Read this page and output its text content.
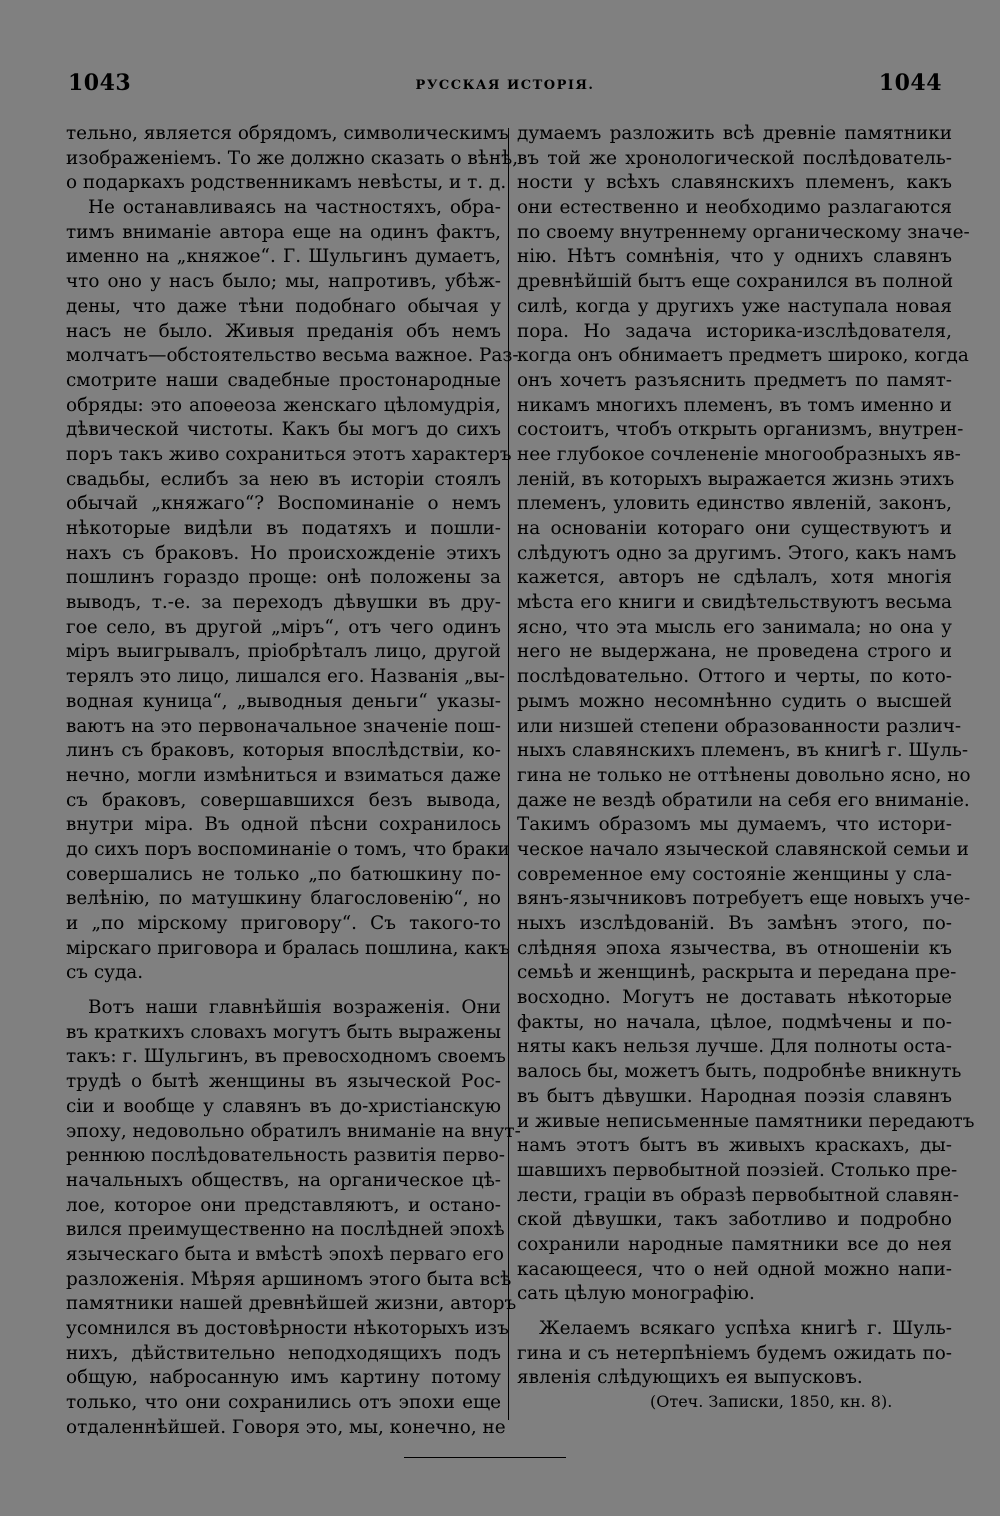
1043	РУССКАЯ ИСТОРІЯ.	1044
тельно, является обрядомъ, символическимъ
изображеніемъ. То же должно сказать о вѣнѣ,
о подаркахъ родственникамъ невѣсты, и т. д.
Не останавливаясь на частностяхъ, обра-
тимъ вниманіе автора еще на одинъ фактъ,
именно на „княжое“. Г. Шульгинъ думаетъ,
что оно у насъ было; мы, напротивъ, убѣж-
дены, что даже тѣни подобнаго обычая у
насъ не было. Живыя преданія объ немъ
молчатъ—обстоятельство весьма важное. Раз-
смотрите наши свадебные простонародные
обряды: это апоѳеоза женскаго цѣломудрія,
дѣвической чистоты. Какъ бы могъ до сихъ
поръ такъ живо сохраниться этотъ характеръ
свадьбы, еслибъ за нею въ исторіи стоялъ
обычай „княжаго“? Воспоминаніе о немъ
нѣкоторые видѣли въ податяхъ и пошли-
нахъ съ браковъ. Но происхожденіе этихъ
пошлинъ гораздо проще: онѣ положены за
выводъ, т.-е. за переходъ дѣвушки въ дру-
гое село, въ другой „міръ“, отъ чего одинъ
міръ выигрывалъ, пріобрѣталъ лицо, другой
терялъ это лицо, лишался его. Названія „вы-
водная куница“, „выводныя деньги“ указы-
ваютъ на это первоначальное значеніе пош-
линъ съ браковъ, которыя впослѣдствіи, ко-
нечно, могли измѣниться и взиматься даже
съ браковъ, совершавшихся безъ вывода,
внутри міра. Въ одной пѣсни сохранилось
до сихъ поръ воспоминаніе о томъ, что браки
совершались не только „по батюшкину по-
велѣнію, по матушкину благословенію“, но
и „по мірскому приговору“. Съ такого-то
мірскаго приговора и бралась пошлина, какъ
съ суда.
Вотъ наши главнѣйшія возраженія. Они
въ краткихъ словахъ могутъ быть выражены
такъ: г. Шульгинъ, въ превосходномъ своемъ
трудѣ о бытѣ женщины въ языческой Рос-
сіи и вообще у славянъ въ до-христіанскую
эпоху, недовольно обратилъ вниманіе на внут-
реннюю послѣдовательность развитія перво-
начальныхъ обществъ, на органическое цѣ-
лое, которое они представляютъ, и остано-
вился преимущественно на послѣдней эпохѣ
языческаго быта и вмѣстѣ эпохѣ перваго его
разложенія. Мѣряя аршиномъ этого быта всѣ
памятники нашей древнѣйшей жизни, авторъ
усомнился въ достовѣрности нѣкоторыхъ изъ
нихъ, дѣйствительно неподходящихъ подъ
общую, набросанную имъ картину потому
только, что они сохранились отъ эпохи еще
отдаленнѣйшей. Говоря это, мы, конечно, не
думаемъ разложить всѣ древніе памятники
въ той же хронологической послѣдователь-
ности у всѣхъ славянскихъ племенъ, какъ
они естественно и необходимо разлагаются
по своему внутреннему органическому значе-
нію. Нѣтъ сомнѣнія, что у однихъ славянъ
древнѣйшій бытъ еще сохранился въ полной
силѣ, когда у другихъ уже наступала новая
пора. Но задача историка-изслѣдователя,
когда онъ обнимаетъ предметъ широко, когда
онъ хочетъ разъяснить предметъ по памят-
никамъ многихъ племенъ, въ томъ именно и
состоитъ, чтобъ открыть организмъ, внутрен-
нее глубокое сочлененіе многообразныхъ яв-
леній, въ которыхъ выражается жизнь этихъ
племенъ, уловить единство явленій, законъ,
на основаніи котораго они существуютъ и
слѣдуютъ одно за другимъ. Этого, какъ намъ
кажется, авторъ не сдѣлалъ, хотя многія
мѣста его книги и свидѣтельствуютъ весьма
ясно, что эта мысль его занимала; но она у
него не выдержана, не проведена строго и
послѣдовательно. Оттого и черты, по кото-
рымъ можно несомнѣнно судить о высшей
или низшей степени образованности различ-
ныхъ славянскихъ племенъ, въ книгѣ г. Шуль-
гина не только не оттѣнены довольно ясно, но
даже не вездѣ обратили на себя его вниманіе.
Такимъ образомъ мы думаемъ, что истори-
ческое начало языческой славянской семьи и
современное ему состояніе женщины у сла-
вянъ-язычниковъ потребуетъ еще новыхъ уче-
ныхъ изслѣдованій. Въ замѣнъ этого, по-
слѣдняя эпоха язычества, въ отношеніи къ
семьѣ и женщинѣ, раскрыта и передана пре-
восходно. Могутъ не доставать нѣкоторые
факты, но начала, цѣлое, подмѣчены и по-
няты какъ нельзя лучше. Для полноты оста-
валось бы, можетъ быть, подробнѣе вникнуть
въ бытъ дѣвушки. Народная поэзія славянъ
и живые неписьменные памятники передаютъ
намъ этотъ бытъ въ живыхъ краскахъ, ды-
шавшихъ первобытной поэзіей. Столько пре-
лести, граціи въ образѣ первобытной славян-
ской дѣвушки, такъ заботливо и подробно
сохранили народные памятники все до нея
касающееся, что о ней одной можно напи-
сать цѣлую монографію.
Желаемъ всякаго успѣха книгѣ г. Шуль-
гина и съ нетерпѣніемъ будемъ ожидать по-
явленія слѣдующихъ ея выпусковъ.
(Отеч. Записки, 1850, кн. 8).
